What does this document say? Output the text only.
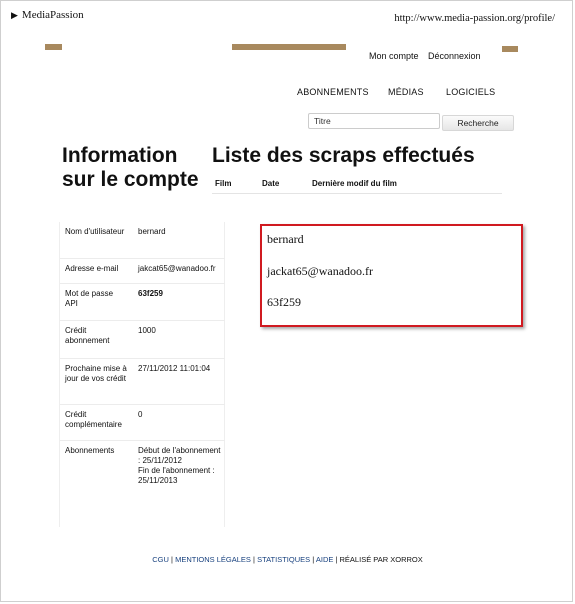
▶ MediaPassion	http://www.media-passion.org/profile/
Mon compte Déconnexion
ABONNEMENTS MÉDIAS LOGICIELS
Titre
Recherche
Information sur le compte
Liste des scraps effectués
Film	Date	Dernière modif du film
Nom d'utilisateur	bernard
Adresse e-mail	jakcat65@wanadoo.fr
Mot de passe API	63f259
Crédit abonnement	1000
Prochaine mise à jour de vos crédit	27/11/2012 11:01:04
Crédit complémentaire	0
Abonnements	Début de l'abonnement : 25/11/2012
Fin de l'abonnement : 25/11/2013
bernard
jackat65@wanadoo.fr
63f259
CGU | MENTIONS LÉGALES | STATISTIQUES | AIDE | RÉALISÉ PAR XORROX
